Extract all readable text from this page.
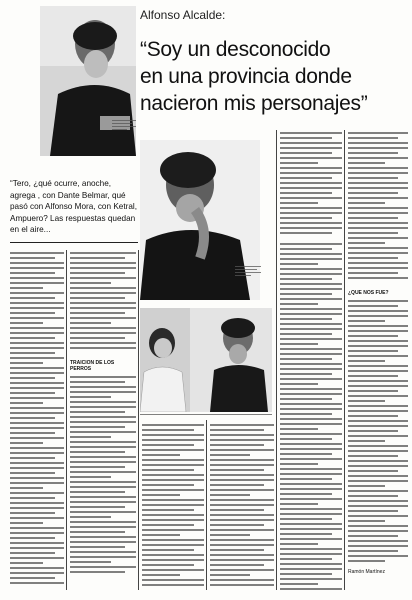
Alfonso Alcalde:
“Soy un desconocido
en una provincia donde
nacieron mis personajes”
“Tero, ¿qué ocurre, anoche, agrega , con Dante Belmar, qué pasó con Alfonso Mora, con Ketral, Ampuero? Las respuestas quedan en el aire...
TRAICION DE LOS PERROS
¿QUE NOS FUE?
Ramón Martínez
